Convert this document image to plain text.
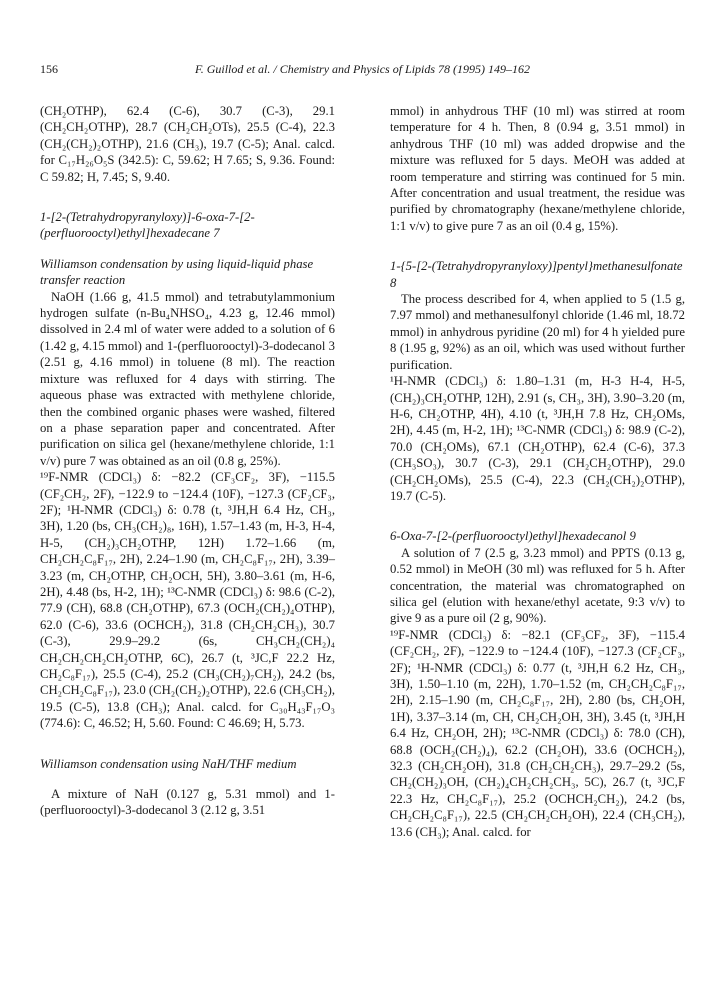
156	F. Guillod et al. / Chemistry and Physics of Lipids 78 (1995) 149–162

(CH₂OTHP), 62.4 (C-6), 30.7 (C-3), 29.1 (CH₂CH₂OTHP), 28.7 (CH₂CH₂OTs), 25.5 (C-4), 22.3 (CH₂(CH₂)₂OTHP), 21.6 (CH₃), 19.7 (C-5); Anal. calcd. for C₁₇H₂₆O₅S (342.5): C, 59.62; H 7.65; S, 9.36. Found: C 59.82; H, 7.45; S, 9.40.

1-[2-(Tetrahydropyranyloxy)]-6-oxa-7-[2-(perfluorooctyl)ethyl]hexadecane 7
Williamson condensation by using liquid-liquid phase transfer reaction

NaOH (1.66 g, 41.5 mmol) and tetrabutylammonium hydrogen sulfate (n-Bu₄NHSO₄, 4.23 g, 12.46 mmol) dissolved in 2.4 ml of water were added to a solution of 6 (1.42 g, 4.15 mmol) and 1-(perfluorooctyl)-3-dodecanol 3 (2.51 g, 4.16 mmol) in toluene (8 ml). The reaction mixture was refluxed for 4 days with stirring. The aqueous phase was extracted with methylene chloride, then the combined organic phases were washed, filtered on a phase separation paper and concentrated. After purification on silica gel (hexane/methylene chloride, 1:1 v/v) pure 7 was obtained as an oil (0.8 g, 25%).

¹⁹F-NMR (CDCl₃) δ: −82.2 (CF₃CF₂, 3F), −115.5 (CF₂CH₂, 2F), −122.9 to −124.4 (10F), −127.3 (CF₂CF₃, 2F); ¹H-NMR (CDCl₃) δ: 0.78 (t, ³JH,H 6.4 Hz, CH₃, 3H), 1.20 (bs, CH₃(CH₂)₈, 16H), 1.57–1.43 (m, H-3, H-4, H-5, (CH₂)₃CH₂OTHP, 12H) 1.72–1.66 (m, CH₂CH₂C₈F₁₇, 2H), 2.24–1.90 (m, CH₂C₈F₁₇, 2H), 3.39–3.23 (m, CH₂OTHP, CH₂OCH, 5H), 3.80–3.61 (m, H-6, 2H), 4.48 (bs, H-2, 1H); ¹³C-NMR (CDCl₃) δ: 98.6 (C-2), 77.9 (CH), 68.8 (CH₂OTHP), 67.3 (OCH₂(CH₂)₄OTHP), 62.0 (C-6), 33.6 (OCHCH₂), 31.8 (CH₂CH₂CH₃), 30.7 (C-3), 29.9–29.2 (6s, CH₃CH₂(CH₂)₄ CH₂CH₂CH₂CH₂OTHP, 6C), 26.7 (t, ³JC,F 22.2 Hz, CH₂C₈F₁₇), 25.5 (C-4), 25.2 (CH₃(CH₂)₇CH₂), 24.2 (bs, CH₂CH₂C₈F₁₇), 23.0 (CH₂(CH₂)₂OTHP), 22.6 (CH₃CH₂), 19.5 (C-5), 13.8 (CH₃); Anal. calcd. for C₃₀H₄₃F₁₇O₃ (774.6): C, 46.52; H, 5.60. Found: C 46.69; H, 5.73.

Williamson condensation using NaH/THF medium

A mixture of NaH (0.127 g, 5.31 mmol) and 1-(perfluorooctyl)-3-dodecanol 3 (2.12 g, 3.51

mmol) in anhydrous THF (10 ml) was stirred at room temperature for 4 h. Then, 8 (0.94 g, 3.51 mmol) in anhydrous THF (10 ml) was added dropwise and the mixture was refluxed for 5 days. MeOH was added at room temperature and stirring was continued for 5 min. After concentration and usual treatment, the residue was purified by chromatography (hexane/methylene chloride, 1:1 v/v) to give pure 7 as an oil (0.4 g, 15%).

1-{5-[2-(Tetrahydropyranyloxy)]pentyl}methanesulfonate 8

The process described for 4, when applied to 5 (1.5 g, 7.97 mmol) and methanesulfonyl chloride (1.46 ml, 18.72 mmol) in anhydrous pyridine (20 ml) for 4 h yielded pure 8 (1.95 g, 92%) as an oil, which was used without further purification.

¹H-NMR (CDCl₃) δ: 1.80–1.31 (m, H-3 H-4, H-5, (CH₂)₃CH₂OTHP, 12H), 2.91 (s, CH₃, 3H), 3.90–3.20 (m, H-6, CH₂OTHP, 4H), 4.10 (t, ³JH,H 7.8 Hz, CH₂OMs, 2H), 4.45 (m, H-2, 1H); ¹³C-NMR (CDCl₃) δ: 98.9 (C-2), 70.0 (CH₂OMs), 67.1 (CH₂OTHP), 62.4 (C-6), 37.3 (CH₃SO₃), 30.7 (C-3), 29.1 (CH₂CH₂OTHP), 29.0 (CH₂CH₂OMs), 25.5 (C-4), 22.3 (CH₂(CH₂)₂OTHP), 19.7 (C-5).

6-Oxa-7-[2-(perfluorooctyl)ethyl]hexadecanol 9

A solution of 7 (2.5 g, 3.23 mmol) and PPTS (0.13 g, 0.52 mmol) in MeOH (30 ml) was refluxed for 5 h. After concentration, the material was chromatographed on silica gel (elution with hexane/ethyl acetate, 9:3 v/v) to give 9 as a pure oil (2 g, 90%).

¹⁹F-NMR (CDCl₃) δ: −82.1 (CF₃CF₂, 3F), −115.4 (CF₂CH₂, 2F), −122.9 to −124.4 (10F), −127.3 (CF₂CF₃, 2F); ¹H-NMR (CDCl₃) δ: 0.77 (t, ³JH,H 6.2 Hz, CH₃, 3H), 1.50–1.10 (m, 22H), 1.70–1.52 (m, CH₂CH₂C₈F₁₇, 2H), 2.15–1.90 (m, CH₂C₈F₁₇, 2H), 2.80 (bs, CH₂OH, 1H), 3.37–3.14 (m, CH, CH₂CH₂OH, 3H), 3.45 (t, ³JH,H 6.4 Hz, CH₂OH, 2H); ¹³C-NMR (CDCl₃) δ: 78.0 (CH), 68.8 (OCH₂(CH₂)₄), 62.2 (CH₂OH), 33.6 (OCHCH₂), 32.3 (CH₂CH₂OH), 31.8 (CH₂CH₂CH₃), 29.7–29.2 (5s, CH₂(CH₂)₃OH, (CH₂)₄CH₂CH₂CH₃, 5C), 26.7 (t, ³JC,F 22.3 Hz, CH₂C₈F₁₇), 25.2 (OCHCH₂CH₂), 24.2 (bs, CH₂CH₂C₈F₁₇), 22.5 (CH₂CH₂CH₂OH), 22.4 (CH₃CH₂), 13.6 (CH₃); Anal. calcd. for
